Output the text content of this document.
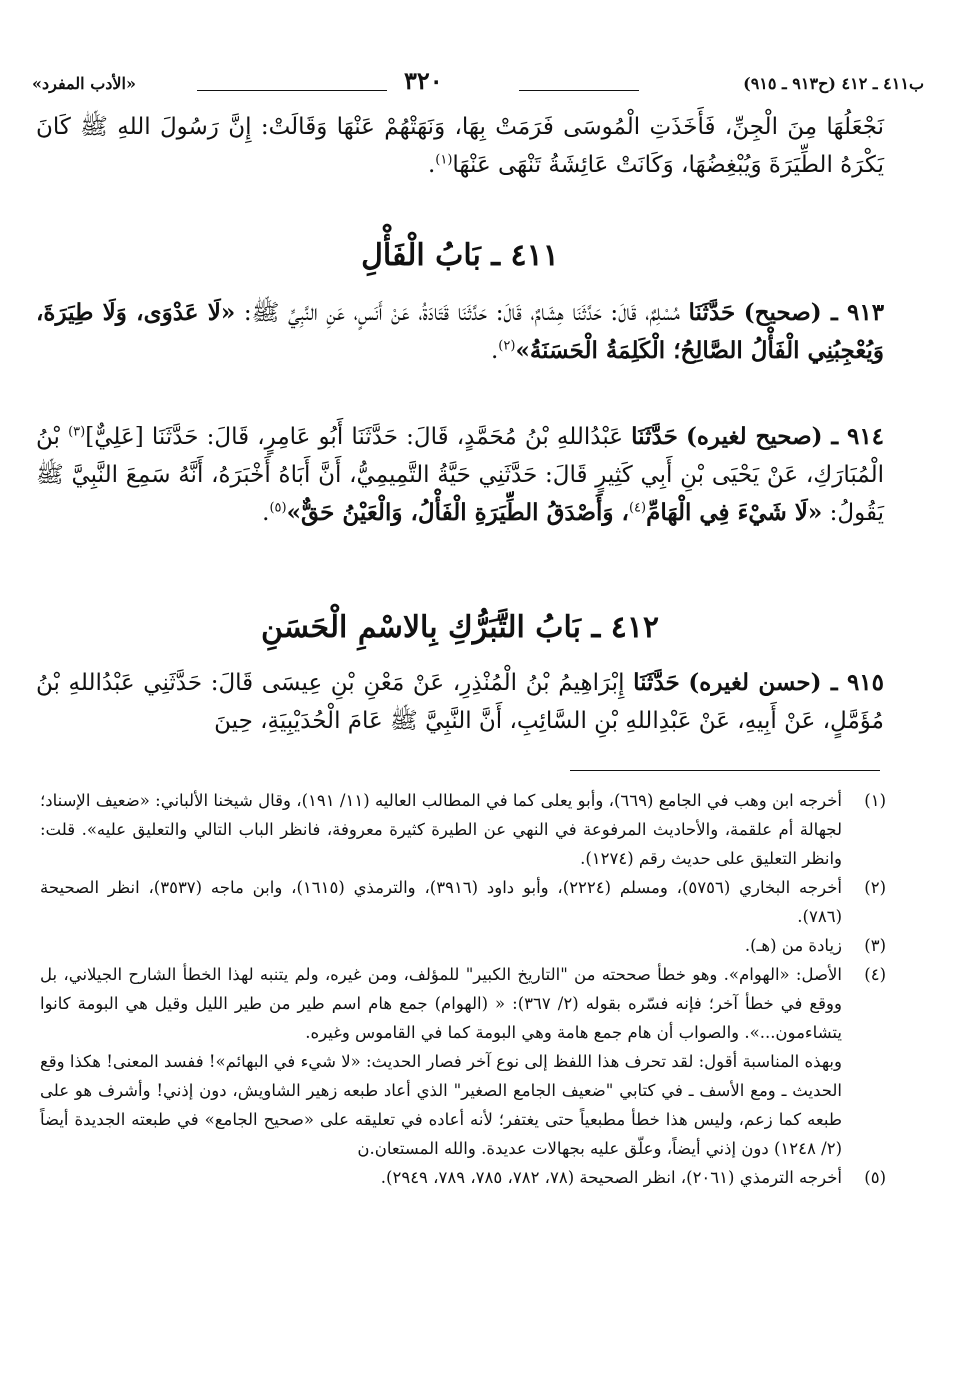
«الأدب المفرد»	٣٢٠	ب٤١١ ـ ٤١٢ (ح٩١٣ ـ ٩١٥)

نَجْعَلُهَا مِنَ الْجِنِّ، فَأَخَذَتِ الْمُوسَى فَرَمَتْ بِهَا، وَنَهَتْهُمْ عَنْهَا وَقَالَتْ: إِنَّ رَسُولَ اللهِ ﷺ كَانَ يَكْرَهُ الطِّيَرَةَ وَيُبْغِضُهَا، وَكَانَتْ عَائِشَةُ تَنْهَى عَنْهَا$^{(١)}$.

٤١١ ـ بَابُ الْفَأْلِ

٩١٣ ـ (صحيح) حَدَّثَنَا مُسْلِمٌ، قَالَ: حَدَّثَنَا هِشَامٌ، قَالَ: حَدَّثَنَا قَتَادَةُ، عَنْ أَنَسٍ، عَنِ النَّبِيِّ ﷺ: «لَا عَدْوَى، وَلَا طِيَرَةَ، وَيُعْجِبُنِي الْفَأْلُ الصَّالِحُ؛ الْكَلِمَةُ الْحَسَنَةُ»$^{(٢)}$.

٩١٤ ـ (صحيح لغيره) حَدَّثَنَا عَبْدُاللهِ بْنُ مُحَمَّدٍ، قَالَ: حَدَّثَنَا أَبُو عَامِرٍ، قَالَ: حَدَّثَنَا [عَلِيٌّ]$^{(٣)}$ بْنُ الْمُبَارَكِ، عَنْ يَحْيَى بْنِ أَبِي كَثِيرٍ قَالَ: حَدَّثَنِي حَيَّةُ التَّمِيمِيُّ، أَنَّ أَبَاهُ أَخْبَرَهُ، أَنَّهُ سَمِعَ النَّبِيَّ ﷺ يَقُولُ: «لَا شَيْءَ فِي الْهَامِّ$^{(٤)}$، وَأَصْدَقُ الطِّيَرَةِ الْفَأْلُ، وَالْعَيْنُ حَقٌّ»$^{(٥)}$.

٤١٢ ـ بَابُ التَّبَرُّكِ بِالاسْمِ الْحَسَنِ

٩١٥ ـ (حسن لغيره) حَدَّثَنَا إِبْرَاهِيمُ بْنُ الْمُنْذِرِ، عَنْ مَعْنِ بْنِ عِيسَى قَالَ: حَدَّثَنِي عَبْدُاللهِ بْنُ مُؤَمَّلٍ، عَنْ أَبِيهِ، عَنْ عَبْدِاللهِ بْنِ السَّائِبِ، أَنَّ النَّبِيَّ ﷺ عَامَ الْحُدَيْبِيَةِ، حِينَ

(١)

أخرجه ابن وهب في الجامع (٦٦٩)، وأبو يعلى كما في المطالب العاليه (١١/ ١٩١)، وقال شيخنا الألباني: «ضعيف الإسناد؛ لجهالة أم علقمة، والأحاديث المرفوعة في النهي عن الطيرة كثيرة معروفة، فانظر الباب التالي والتعليق عليه». قلت: وانظر التعليق على حديث رقم (١٢٧٤).

(٢)

أخرجه البخاري (٥٧٥٦)، ومسلم (٢٢٢٤)، وأبو داود (٣٩١٦)، والترمذي (١٦١٥)، وابن ماجه (٣٥٣٧)، انظر الصحيحة (٧٨٦).

(٣)

زيادة من (هـ).

(٤)

الأصل: «الهوام». وهو خطأ صححته من "التاريخ الكبير" للمؤلف، ومن غيره، ولم يتنبه لهذا الخطأ الشارح الجيلاني، بل ووقع في خطأ آخر؛ فإنه فسّره بقوله (٢/ ٣٦٧): « (الهوام) جمع هام اسم طير من طير الليل وقيل هي البومة كانوا يتشاءمون...». والصواب أن هام جمع هامة وهي البومة كما في القاموس وغيره.

وبهذه المناسبة أقول: لقد تحرف هذا اللفظ إلى نوع آخر فصار الحديث: «لا شيء في البهائم»! ففسد المعنى! هكذا وقع الحديث ـ ومع الأسف ـ في كتابي "ضعيف الجامع الصغير" الذي أعاد طبعه زهير الشاويش، دون إذني! وأشرف هو على طبعه كما زعم، وليس هذا خطأ مطبعياً حتى يغتفر؛ لأنه أعاده في تعليقه على «صحيح الجامع» في طبعته الجديدة أيضاً (٢/ ١٢٤٨) دون إذني أيضاً، وعلّق عليه بجهالات عديدة. والله المستعان.ن

(٥)

أخرجه الترمذي (٢٠٦١)، انظر الصحيحة (٧٨، ٧٨٢، ٧٨٥، ٧٨٩، ٢٩٤٩).
